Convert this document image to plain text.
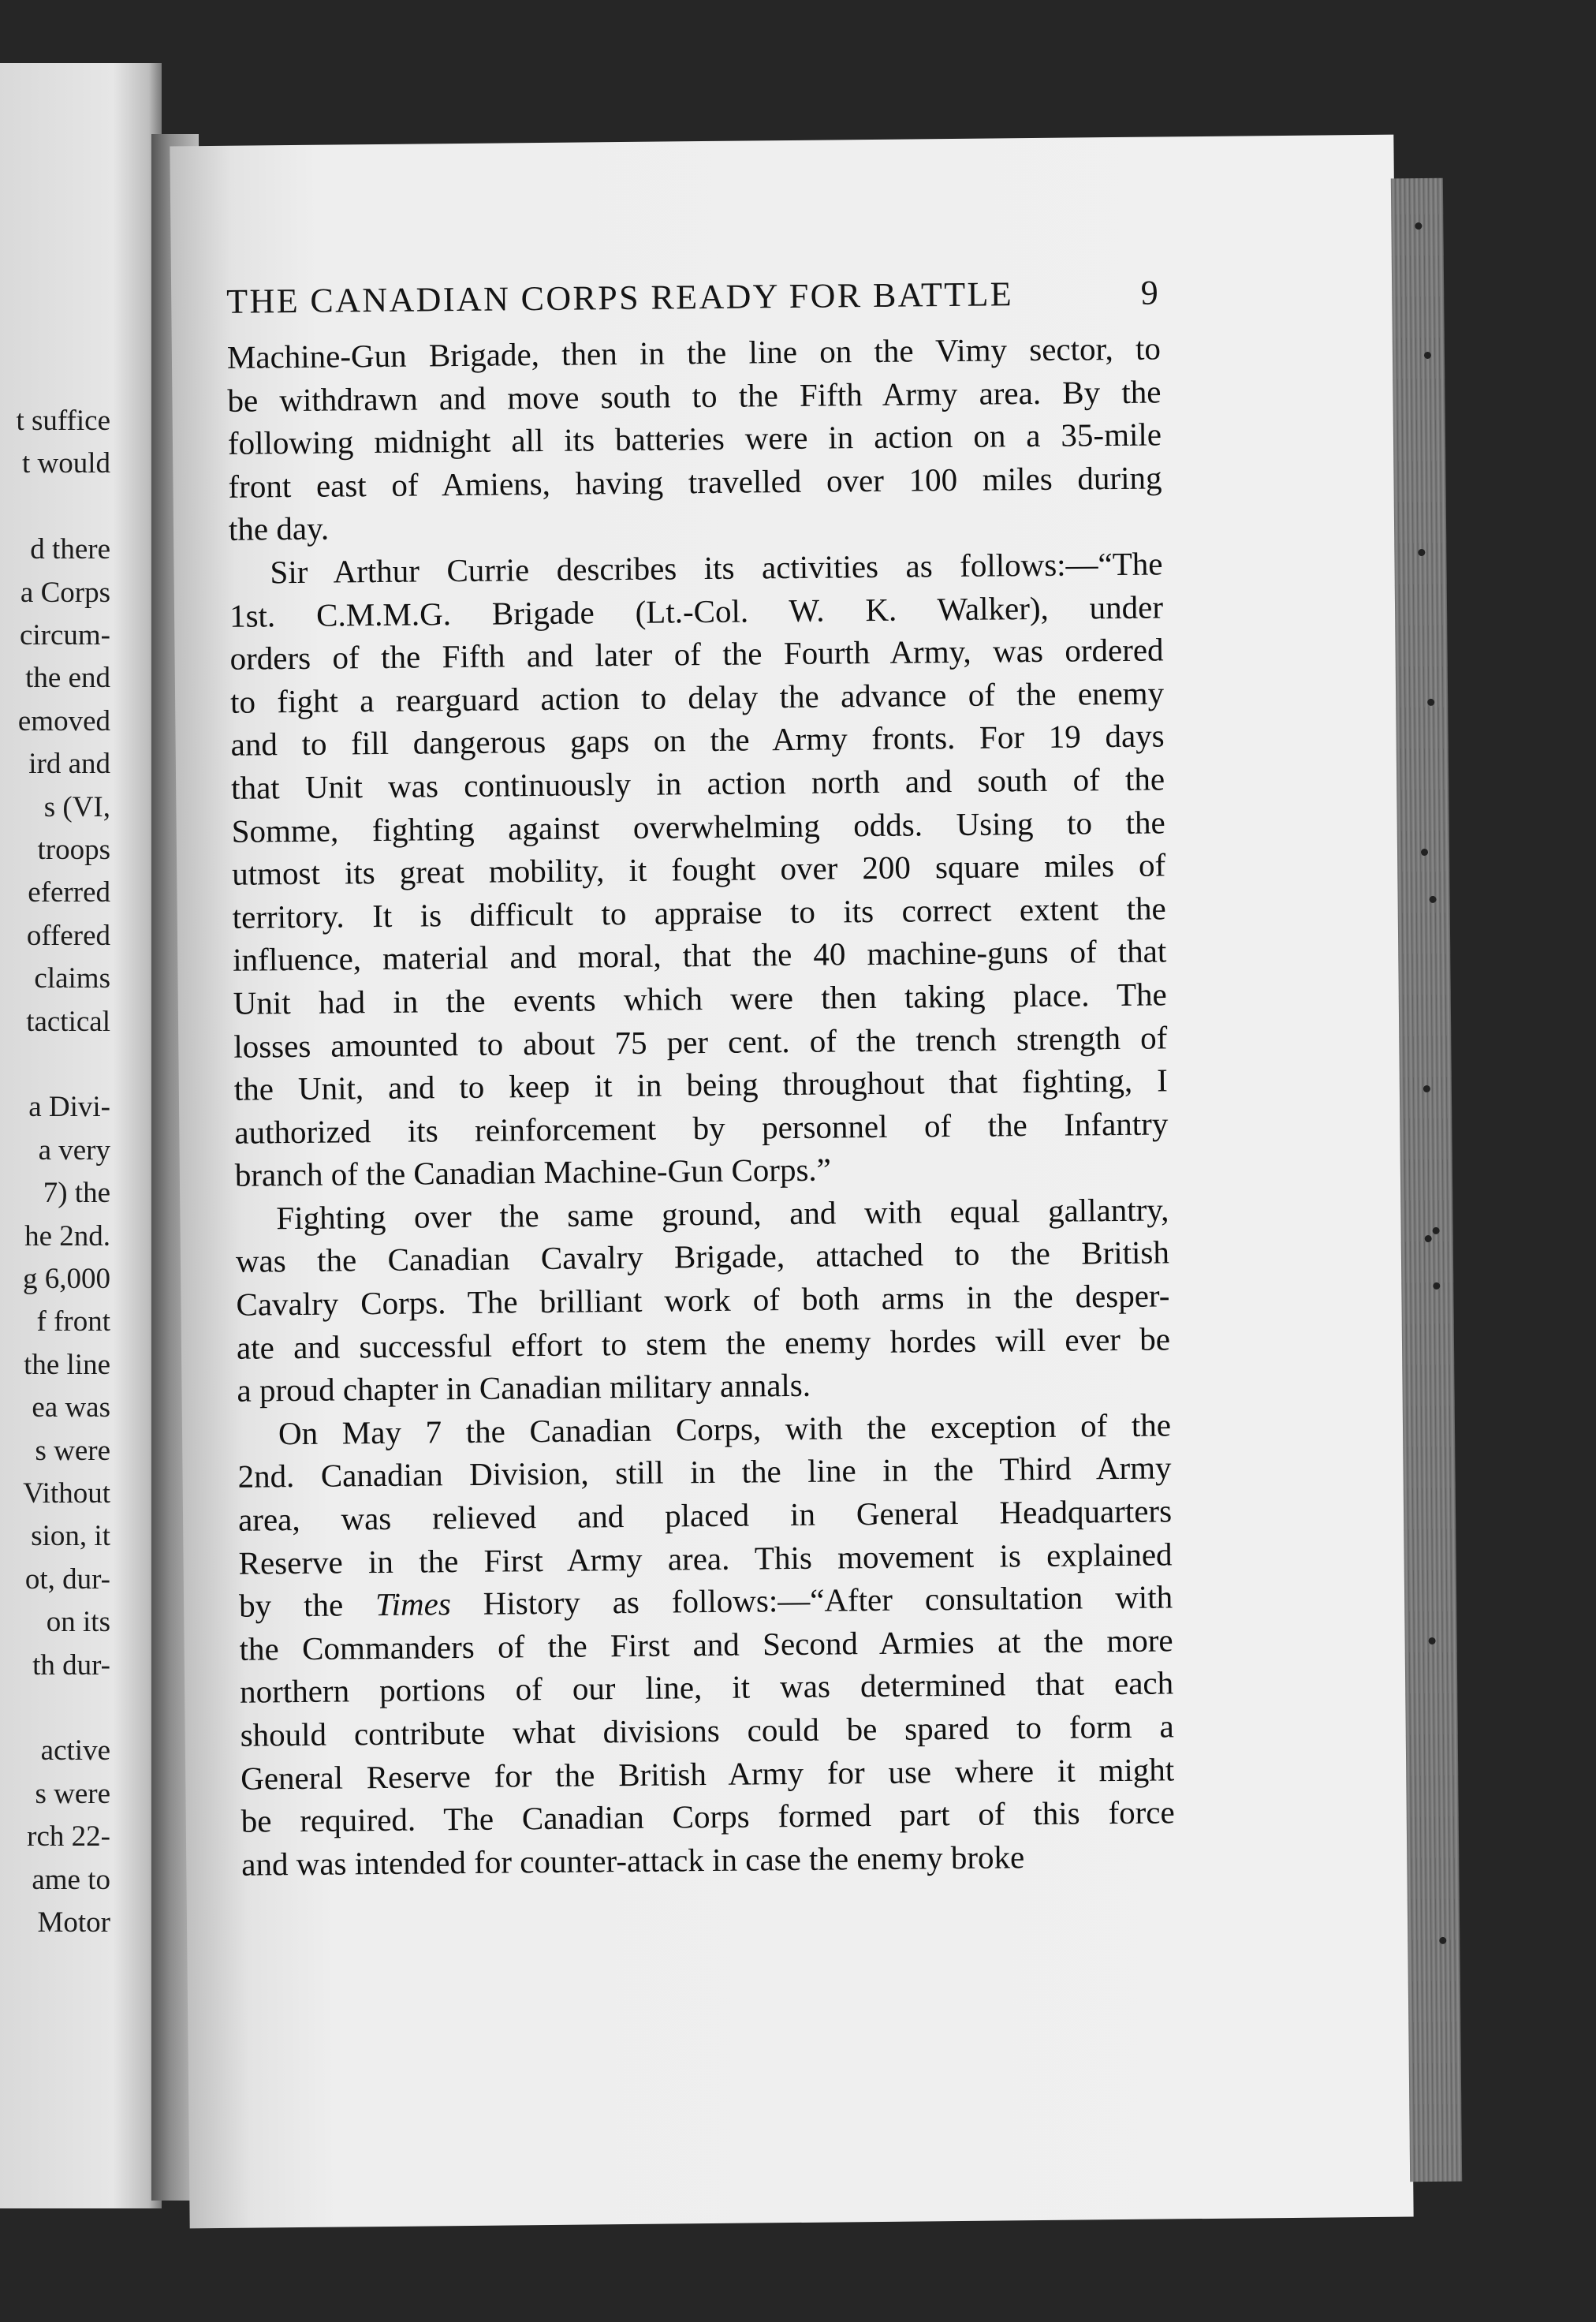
t suffice
t would
d there
a Corps
circum-
the end
emoved
ird and
s (VI,
troops
eferred
offered
claims
tactical
a Divi-
a very
7) the
he 2nd.
g 6,000
f front
the line
ea was
s were
Vithout
sion, it
ot, dur-
on its
th dur-
active
s were
rch 22-
ame to
Motor
THE CANADIAN CORPS READY FOR BATTLE	9
Machine-Gun Brigade, then in the line on the Vimy sector, to
be withdrawn and move south to the Fifth Army area. By the
following midnight all its batteries were in action on a 35-mile
front east of Amiens, having travelled over 100 miles during
the day.
Sir Arthur Currie describes its activities as follows:—“The
1st. C.M.M.G. Brigade (Lt.-Col. W. K. Walker), under
orders of the Fifth and later of the Fourth Army, was ordered
to fight a rearguard action to delay the advance of the enemy
and to fill dangerous gaps on the Army fronts. For 19 days
that Unit was continuously in action north and south of the
Somme, fighting against overwhelming odds. Using to the
utmost its great mobility, it fought over 200 square miles of
territory. It is difficult to appraise to its correct extent the
influence, material and moral, that the 40 machine-guns of that
Unit had in the events which were then taking place. The
losses amounted to about 75 per cent. of the trench strength of
the Unit, and to keep it in being throughout that fighting, I
authorized its reinforcement by personnel of the Infantry
branch of the Canadian Machine-Gun Corps.”
Fighting over the same ground, and with equal gallantry,
was the Canadian Cavalry Brigade, attached to the British
Cavalry Corps. The brilliant work of both arms in the desper-
ate and successful effort to stem the enemy hordes will ever be
a proud chapter in Canadian military annals.
On May 7 the Canadian Corps, with the exception of the
2nd. Canadian Division, still in the line in the Third Army
area, was relieved and placed in General Headquarters
Reserve in the First Army area. This movement is explained
by the Times History as follows:—“After consultation with
the Commanders of the First and Second Armies at the more
northern portions of our line, it was determined that each
should contribute what divisions could be spared to form a
General Reserve for the British Army for use where it might
be required. The Canadian Corps formed part of this force
and was intended for counter-attack in case the enemy broke
